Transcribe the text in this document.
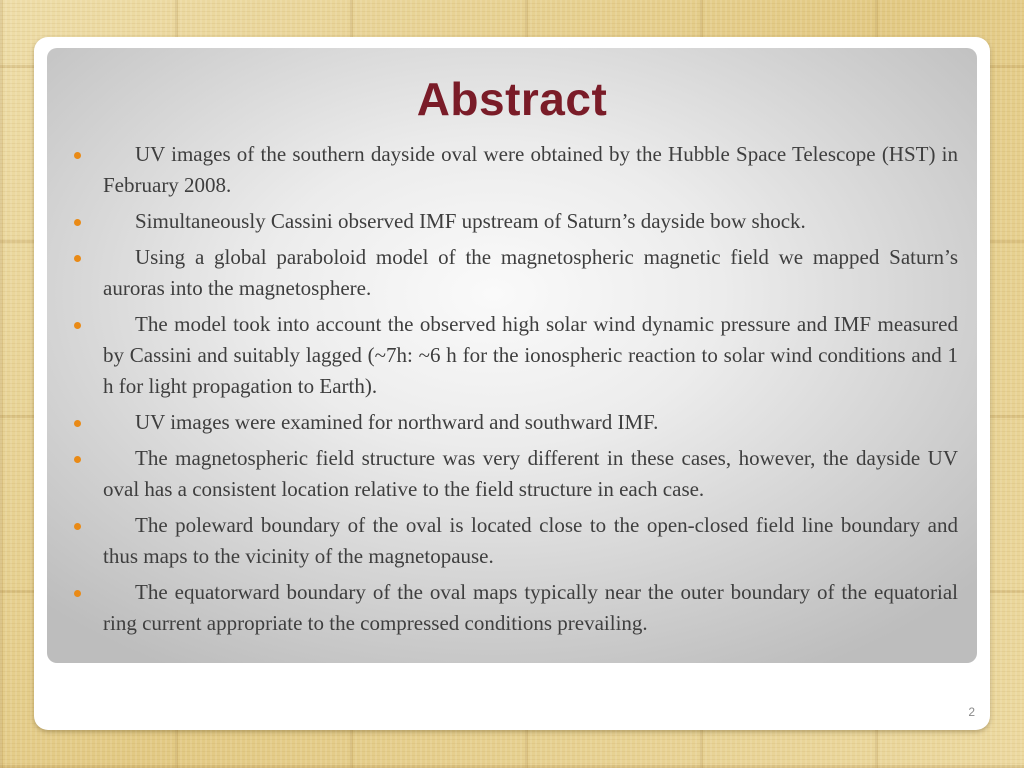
Abstract
UV images of the southern dayside oval were obtained by the Hubble Space Telescope (HST) in February 2008.
Simultaneously Cassini observed IMF upstream of Saturn’s dayside bow shock.
Using a global paraboloid model of the magnetospheric magnetic field we mapped Saturn’s auroras into the magnetosphere.
The model took into account the observed high solar wind dynamic pressure and IMF measured by Cassini and suitably lagged (~7h: ~6 h for the ionospheric reaction to solar wind conditions and 1 h for light propagation to Earth).
UV images were examined for northward and southward IMF.
The magnetospheric field structure was very different in these cases, however, the dayside UV oval has a consistent location relative to the field structure in each case.
The poleward boundary of the oval is located close to the open-closed field line boundary and thus maps to the vicinity of the magnetopause.
The equatorward boundary of the oval maps typically near the outer boundary of the equatorial ring current appropriate to the compressed conditions prevailing.
2
